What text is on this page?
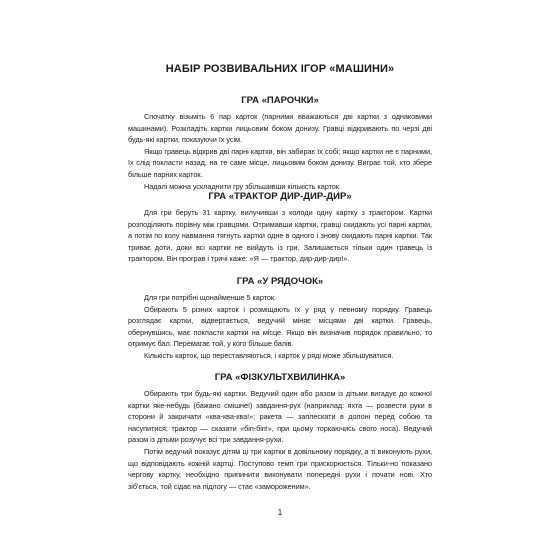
НАБІР РОЗВИВАЛЬНИХ ІГОР «МАШИНИ»
ГРА «ПАРОЧКИ»

Спочатку візьміть 6 пар карток (парними вважаються дві картки з однаковими машинами). Розкладіть картки лицьовим боком донизу. Гравці відкривають по черзі дві будь-які картки, показуючи їх усім.

Якщо гравець відкрив дві парні картки, він забирає їх собі; якщо картки не є парними, їх слід покласти назад, на те саме місце, лицьовим боком донизу. Виграє той, хто збере більше парних карток.

Надалі можна ускладнити гру збільшивши кількість карток.

ГРА «ТРАКТОР ДИР-ДИР-ДИР»

Для гри беруть 31 картку, вилучивши з колоди одну картку з трактором. Картки розподіляють порівну між гравцями. Отримавши картки, гравці скидають усі парні картки, а потім по колу навмання тягнуть картки одне в одного і знову скидають парні картки. Так триває доти, доки всі картки не вийдуть із гри. Залишається тільки один гравець із трактором. Він програв і тричі каже: «Я — трактор, дир-дир-дир!».

ГРА «У РЯДОЧОК»

Для гри потрібні щонайменше 5 карток.

Обирають 5 різних карток і розміщають їх у ряд у певному порядку. Гравець розглядає картки, відвертається, ведучий міняє місцями дві картки. Гравець, обернувшись, має покласти картки на місце. Якщо він визначив порядок правильно, то отримує бал. Перемагає той, у кого більше балів.

Кількість карток, що переставляються, і карток у ряді може збільшуватися.

ГРА «ФІЗКУЛЬТХВИЛИНКА»

Обирають три будь-які картки. Ведучий один або разом із дітьми вигадує до кожної картки яке-небудь (бажано смішне!) завдання-рух (наприклад: яхта — розвести руки в сторони й закричати «ква-ква-ква!»; ракета — заплескати в долоні перед собою та насупитися; трактор — сказати «біп-біп!», при цьому торкаючись свого носа). Ведучий разом із дітьми розучує всі три завдання-рухи.

Потім ведучий показує дітям ці три картки в довільному порядку, а ті виконують рухи, що відповідають кожній картці. Поступово темп гри прискорюється. Тільки-но показано чергову картку, необхідно припинити виконувати попередні рухи і почати нові. Хто зіб'ється, той сідає на підлогу — стає «замороженим».

1
